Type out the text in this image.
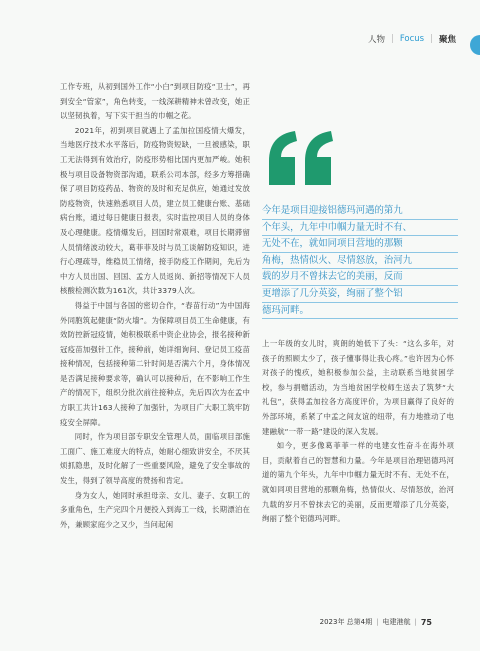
人物 | Focus | 聚焦

工作专班，从初到国外工作“小白”到项目防疫“卫士”，再到安全“管家”，角色转变，一线深耕精神未曾改变，她正以坚韧执着，写下实干担当的巾帼之花。

2021年，初到项目就遇上了孟加拉国疫情大爆发，当地医疗技术水平落后，防疫物资短缺，一旦被感染，职工无法得到有效治疗，防疫形势相比国内更加严峻。她积极与项目设备物资部沟通，联系公司本部，经多方筹措确保了项目防疫药品、物资的及时和充足供应，她通过发放防疫物资，快速熟悉项目人员，建立员工健康台账、基础病台账，通过每日健康日报表，实时监控项目人员的身体及心理健康。疫情爆发后，回国时常艰难，项目长期滞留人员情绪波动较大，葛菲菲及时与员工谈解防疫知识，进行心理疏导，维稳员工情绪，接手防疫工作期间，先后为中方人员出国、回国、孟方人员返岗、新招等情况下人员核酸检测次数为161次，共计3379人次。

得益于中国与各国的密切合作，“春苗行动”为中国海外同胞筑起健康“防火墙”。为保障项目员工生命健康，有效防控新冠疫情，她积极联系中资企业协会，报名接种新冠疫苗加强针工作，接种前，她详细询问、登记员工疫苗接种情况，包括接种第二针时间是否满六个月，身体情况是否满足接种要求等，确认可以接种后，在不影响工作生产的情况下，组织分批次前往接种点，先后四次为在孟中方职工共计163人接种了加强针，为项目广大职工筑牢防疫安全屏障。

同时，作为项目部专职安全管理人员，面临项目部施工面广、施工难度大的特点，她耐心细致讲安全，不厌其烦抓隐患，及时化解了一些重要风险，避免了安全事故的发生，得到了领导高度的赞扬和肯定。

身为女人，她同时承担母亲、女儿、妻子、女职工的多重角色，生产完四个月便投入到海工一线，长期漂泊在外，兼顾家庭少之又少，当问起闲

今年是项目迎接铝德玛河遇的第九
个年头，九年中巾帼力量无时不有、
无处不在，就如同项目营地的那颗
角梅，热情似火、尽情怒放，治河九
载的岁月不曾抹去它的美丽，反而
更增添了几分英姿，绚丽了整个铝
德玛河畔。

上一年级的女儿时，爽朗的她低下了头：“这么多年，对孩子的照顾太少了，孩子懂事得让我心疼。”也许因为心怀对孩子的愧疚，她积极参加公益，主动联系当地贫困学校，参与捐赠活动，为当地贫困学校师生送去了筑梦“大礼包”，获得孟加拉各方高度评价，为项目赢得了良好的外部环境，系紧了中孟之间友谊的纽带，有力地推动了电建融航“一带一路”建设的深入发展。

如今，更多像葛菲菲一样的电建女性奋斗在海外项目，贡献着自己的智慧和力量。今年是项目治理铝德玛河道的第九个年头，九年中巾帼力量无时不有、无处不在，就如同项目营地的那颗角梅，热情似火、尽情怒放，治河九载的岁月不曾抹去它的美丽，反而更增添了几分英姿，绚丽了整个铝德玛河畔。

2023年 总第4期 | 电建港航 | 75
